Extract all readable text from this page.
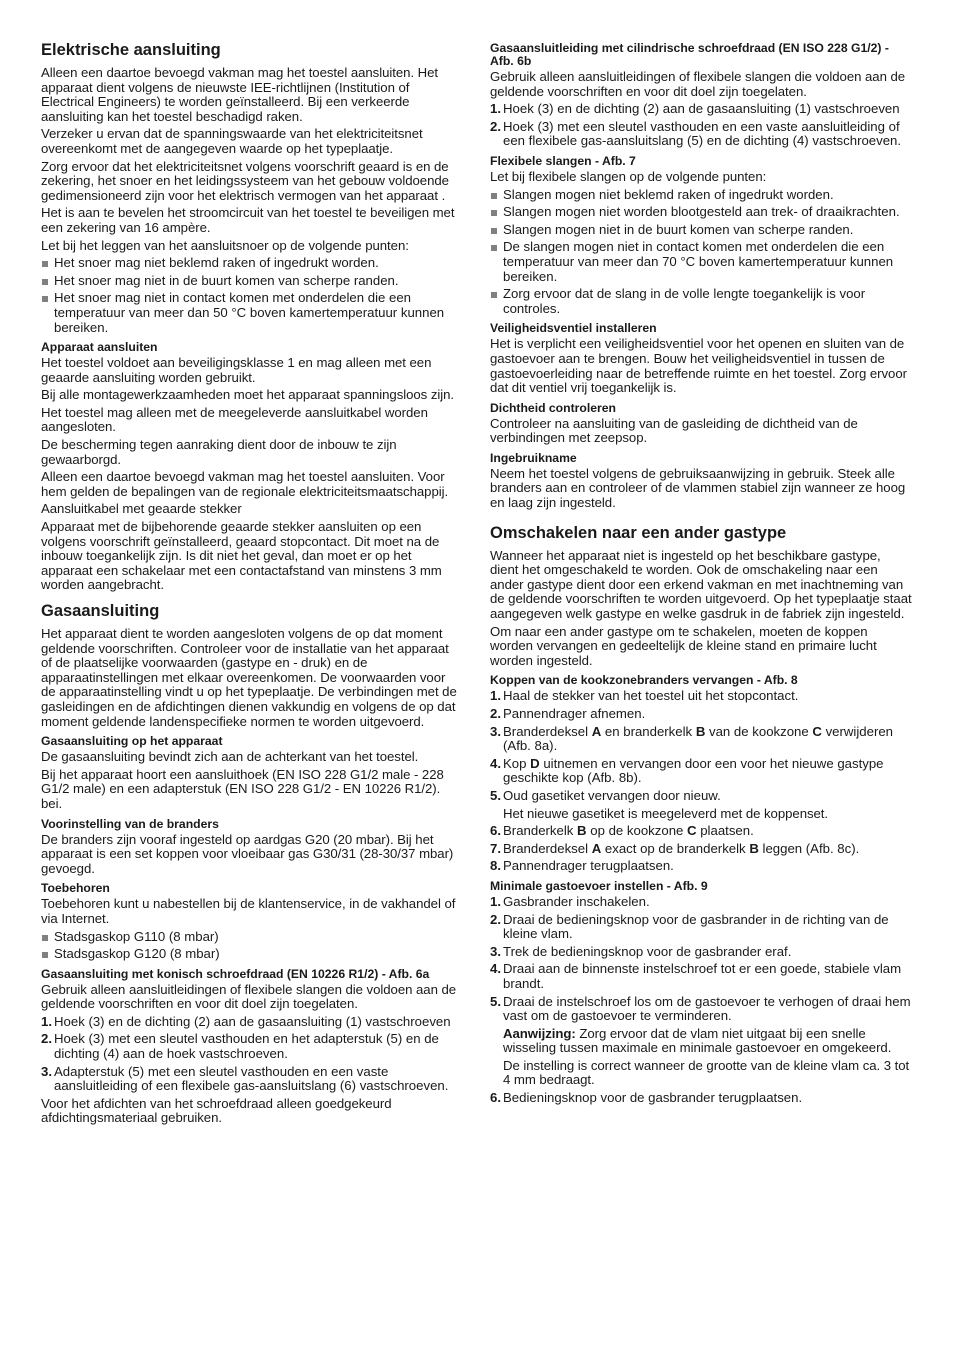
Elektrische aansluiting

Alleen een daartoe bevoegd vakman mag het toestel aansluiten. Het apparaat dient volgens de nieuwste IEE-richtlijnen (Institution of Electrical Engineers) te worden geïnstalleerd. Bij een verkeerde aansluiting kan het toestel beschadigd raken.

Verzeker u ervan dat de spanningswaarde van het elektriciteitsnet overeenkomt met de aangegeven waarde op het typeplaatje.

Zorg ervoor dat het elektriciteitsnet volgens voorschrift geaard is en de zekering, het snoer en het leidingssysteem van het gebouw voldoende gedimensioneerd zijn voor het elektrisch vermogen van het apparaat .

Het is aan te bevelen het stroomcircuit van het toestel te beveiligen met een zekering van 16 ampère.

Let bij het leggen van het aansluitsnoer op de volgende punten:

Het snoer mag niet beklemd raken of ingedrukt worden.
Het snoer mag niet in de buurt komen van scherpe randen.
Het snoer mag niet in contact komen met onderdelen die een temperatuur van meer dan 50 °C boven kamertemperatuur kunnen bereiken.
Apparaat aansluiten

Het toestel voldoet aan beveiligingsklasse 1 en mag alleen met een geaarde aansluiting worden gebruikt.

Bij alle montagewerkzaamheden moet het apparaat spanningsloos zijn.

Het toestel mag alleen met de meegeleverde aansluitkabel worden aangesloten.

De bescherming tegen aanraking dient door de inbouw te zijn gewaarborgd.

Alleen een daartoe bevoegd vakman mag het toestel aansluiten. Voor hem gelden de bepalingen van de regionale elektriciteitsmaatschappij.

Aansluitkabel met geaarde stekker

Apparaat met de bijbehorende geaarde stekker aansluiten op een volgens voorschrift geïnstalleerd, geaard stopcontact. Dit moet na de inbouw toegankelijk zijn. Is dit niet het geval, dan moet er op het apparaat een schakelaar met een contactafstand van minstens 3 mm worden aangebracht.

Gasaansluiting

Het apparaat dient te worden aangesloten volgens de op dat moment geldende voorschriften. Controleer voor de installatie van het apparaat of de plaatselijke voorwaarden (gastype en - druk) en de apparaatinstellingen met elkaar overeenkomen. De voorwaarden voor de apparaatinstelling vindt u op het typeplaatje. De verbindingen met de gasleidingen en de afdichtingen dienen vakkundig en volgens de op dat moment geldende landenspecifieke normen te worden uitgevoerd.

Gasaansluiting op het apparaat

De gasaansluiting bevindt zich aan de achterkant van het toestel.

Bij het apparaat hoort een aansluithoek (EN ISO 228 G1/2 male - 228 G1/2 male) en een adapterstuk (EN ISO 228 G1/2 - EN 10226 R1/2). bei.

Voorinstelling van de branders

De branders zijn vooraf ingesteld op aardgas G20 (20 mbar). Bij het apparaat is een set koppen voor vloeibaar gas G30/31 (28-30/37 mbar) gevoegd.

Toebehoren

Toebehoren kunt u nabestellen bij de klantenservice, in de vakhandel of via Internet.

Stadsgaskop G110 (8 mbar)
Stadsgaskop G120 (8 mbar)
Gasaansluiting met konisch schroefdraad (EN 10226 R1/2) - Afb. 6a

Gebruik alleen aansluitleidingen of flexibele slangen die voldoen aan de geldende voorschriften en voor dit doel zijn toegelaten.

1. Hoek (3) en de dichting (2) aan de gasaansluiting (1) vastschroeven
2. Hoek (3) met een sleutel vasthouden en het adapterstuk (5) en de dichting (4) aan de hoek vastschroeven.
3. Adapterstuk (5) met een sleutel vasthouden en een vaste aansluitleiding of een flexibele gas-aansluitslang (6) vastschroeven.

Voor het afdichten van het schroefdraad alleen goedgekeurd afdichtingsmateriaal gebruiken.

Gasaansluitleiding met cilindrische schroefdraad (EN ISO 228 G1/2) - Afb. 6b

Gebruik alleen aansluitleidingen of flexibele slangen die voldoen aan de geldende voorschriften en voor dit doel zijn toegelaten.

1. Hoek (3) en de dichting (2) aan de gasaansluiting (1) vastschroeven
2. Hoek (3) met een sleutel vasthouden en een vaste aansluitleiding of een flexibele gas-aansluitslang (5) en de dichting (4) vastschroeven.
Flexibele slangen - Afb. 7

Let bij flexibele slangen op de volgende punten:

Slangen mogen niet beklemd raken of ingedrukt worden.
Slangen mogen niet worden blootgesteld aan trek- of draaikrachten.
Slangen mogen niet in de buurt komen van scherpe randen.
De slangen mogen niet in contact komen met onderdelen die een temperatuur van meer dan 70 °C boven kamertemperatuur kunnen bereiken.
Zorg ervoor dat de slang in de volle lengte toegankelijk is voor controles.
Veiligheidsventiel installeren

Het is verplicht een veiligheidsventiel voor het openen en sluiten van de gastoevoer aan te brengen. Bouw het veiligheidsventiel in tussen de gastoevoerleiding naar de betreffende ruimte en het toestel. Zorg ervoor dat dit ventiel vrij toegankelijk is.

Dichtheid controleren

Controleer na aansluiting van de gasleiding de dichtheid van de verbindingen met zeepsop.

Ingebruikname

Neem het toestel volgens de gebruiksaanwijzing in gebruik. Steek alle branders aan en controleer of de vlammen stabiel zijn wanneer ze hoog en laag zijn ingesteld.

Omschakelen naar een ander gastype

Wanneer het apparaat niet is ingesteld op het beschikbare gastype, dient het omgeschakeld te worden. Ook de omschakeling naar een ander gastype dient door een erkend vakman en met inachtneming van de geldende voorschriften te worden uitgevoerd. Op het typeplaatje staat aangegeven welk gastype en welke gasdruk in de fabriek zijn ingesteld.

Om naar een ander gastype om te schakelen, moeten de koppen worden vervangen en gedeeltelijk de kleine stand en primaire lucht worden ingesteld.

Koppen van de kookzonebranders vervangen - Afb. 8
1. Haal de stekker van het toestel uit het stopcontact.
2. Pannendrager afnemen.
3. Branderdeksel A en branderkelk B van de kookzone C verwijderen (Afb. 8a).
4. Kop D uitnemen en vervangen door een voor het nieuwe gastype geschikte kop (Afb. 8b).
5. Oud gasetiket vervangen door nieuw.

Het nieuwe gasetiket is meegeleverd met de koppenset.

6. Branderkelk B op de kookzone C plaatsen.
7. Branderdeksel A exact op de branderkelk B leggen (Afb. 8c).
8. Pannendrager terugplaatsen.
Minimale gastoevoer instellen - Afb. 9
1. Gasbrander inschakelen.
2. Draai de bedieningsknop voor de gasbrander in de richting van de kleine vlam.
3. Trek de bedieningsknop voor de gasbrander eraf.
4. Draai aan de binnenste instelschroef tot er een goede, stabiele vlam brandt.
5. Draai de instelschroef los om de gastoevoer te verhogen of draai hem vast om de gastoevoer te verminderen.

Aanwijzing: Zorg ervoor dat de vlam niet uitgaat bij een snelle wisseling tussen maximale en minimale gastoevoer en omgekeerd.

De instelling is correct wanneer de grootte van de kleine vlam ca. 3 tot 4 mm bedraagt.

6. Bedieningsknop voor de gasbrander terugplaatsen.
